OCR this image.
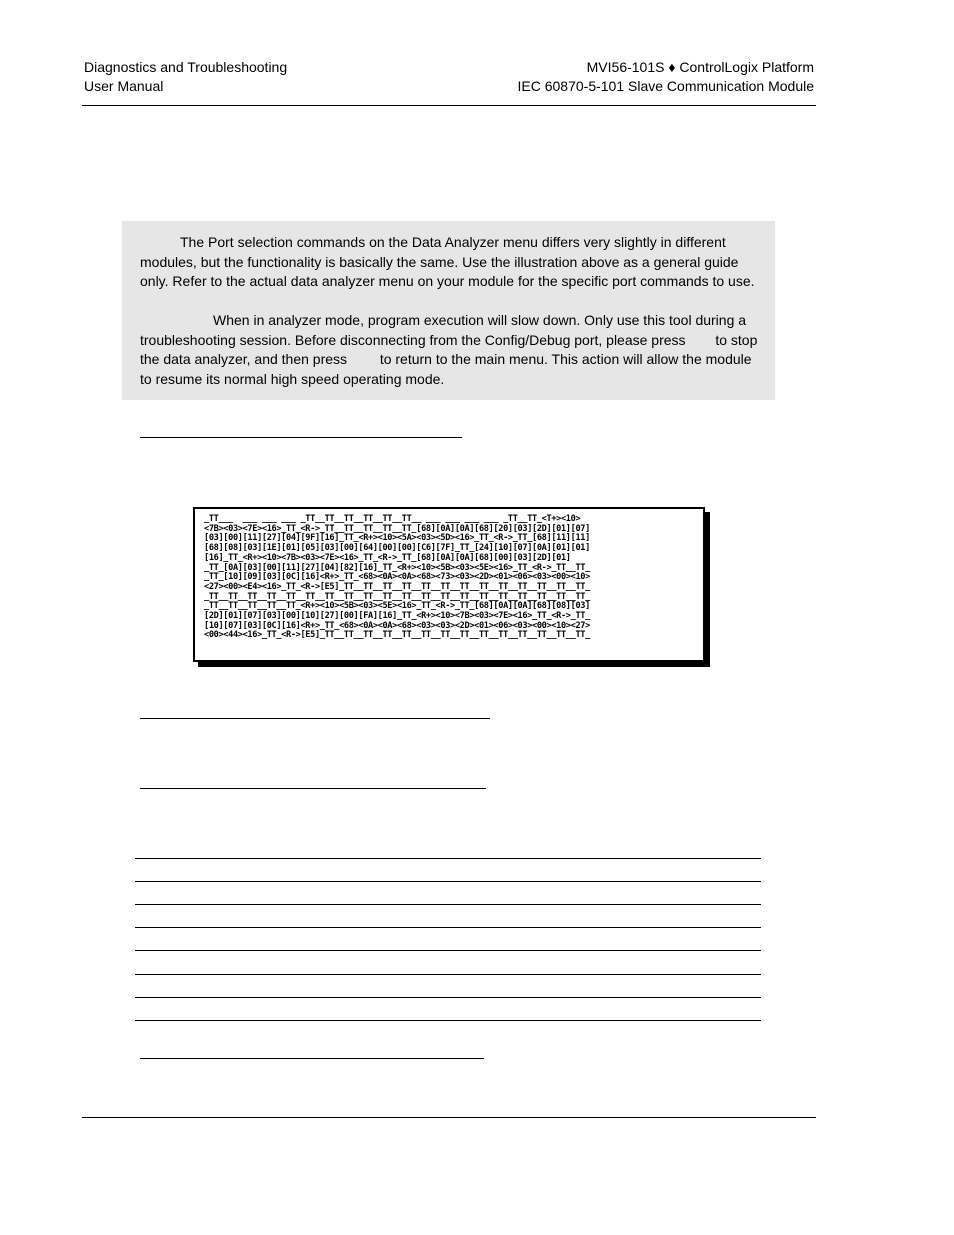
Diagnostics and Troubleshooting
User Manual
MVI56-101S ♦ ControlLogix Platform
IEC 60870-5-101 Slave Communication Module

The Port selection commands on the Data Analyzer menu differs very slightly in different modules, but the functionality is basically the same. Use the illustration above as a general guide only. Refer to the actual data analyzer menu on your module for the specific port commands to use.

When in analyzer mode, program execution will slow down. Only use this tool during a troubleshooting session. Before disconnecting from the Config/Debug port, please press to stop the data analyzer, and then press to return to the main menu. This action will allow the module to resume its normal high speed operating mode.

_TT___  ___ ___ ___ _TT__TT__TT__TT__TT__TT__ ___ ___ ___ ___ _TT__TT_<T+><10>
<7B><03><7E><16>_TT_<R->_TT__TT__TT__TT__TT_[68][0A][0A][68][20][03][2D][01][07]
[03][00][11][27][04][9F][16]_TT_<R+><10><5A><03><5D><16>_TT_<R->_TT_[68][11][11]
[68][08][03][1E][01][05][03][00][64][00][00][C6][7F]_TT_[24][10][07][0A][01][01]
[16]_TT_<R+><10><7B><03><7E><16>_TT_<R->_TT_[68][0A][0A][68][00][03][2D][01]
_TT_[0A][03][00][11][27][04][82][16]_TT_<R+><10><5B><03><5E><16>_TT_<R->_TT__TT_
_TT_[10][09][03][0C][16]<R+>_TT_<68><0A><0A><68><73><03><2D><01><06><03><00><10>
<27><00><E4><16>_TT_<R->[E5]_TT__TT__TT__TT__TT__TT__TT__TT__TT__TT__TT__TT__TT_
_TT__TT__TT__TT__TT__TT__TT__TT__TT__TT__TT__TT__TT__TT__TT__TT__TT__TT__TT__TT_
_TT__TT__TT__TT__TT_<R+><10><5B><03><5E><16>_TT_<R->_TT_[68][0A][0A][68][08][03]
[2D][01][07][03][00][10][27][00][FA][16]_TT_<R+><10><7B><03><7E><16>_TT_<R->_TT_
[10][07][03][0C][16]<R+>_TT_<68><0A><0A><68><03><03><2D><01><06><03><00><10><27>
<00><44><16>_TT_<R->[E5]_TT__TT__TT__TT__TT__TT__TT__TT__TT__TT__TT__TT__TT__TT_
